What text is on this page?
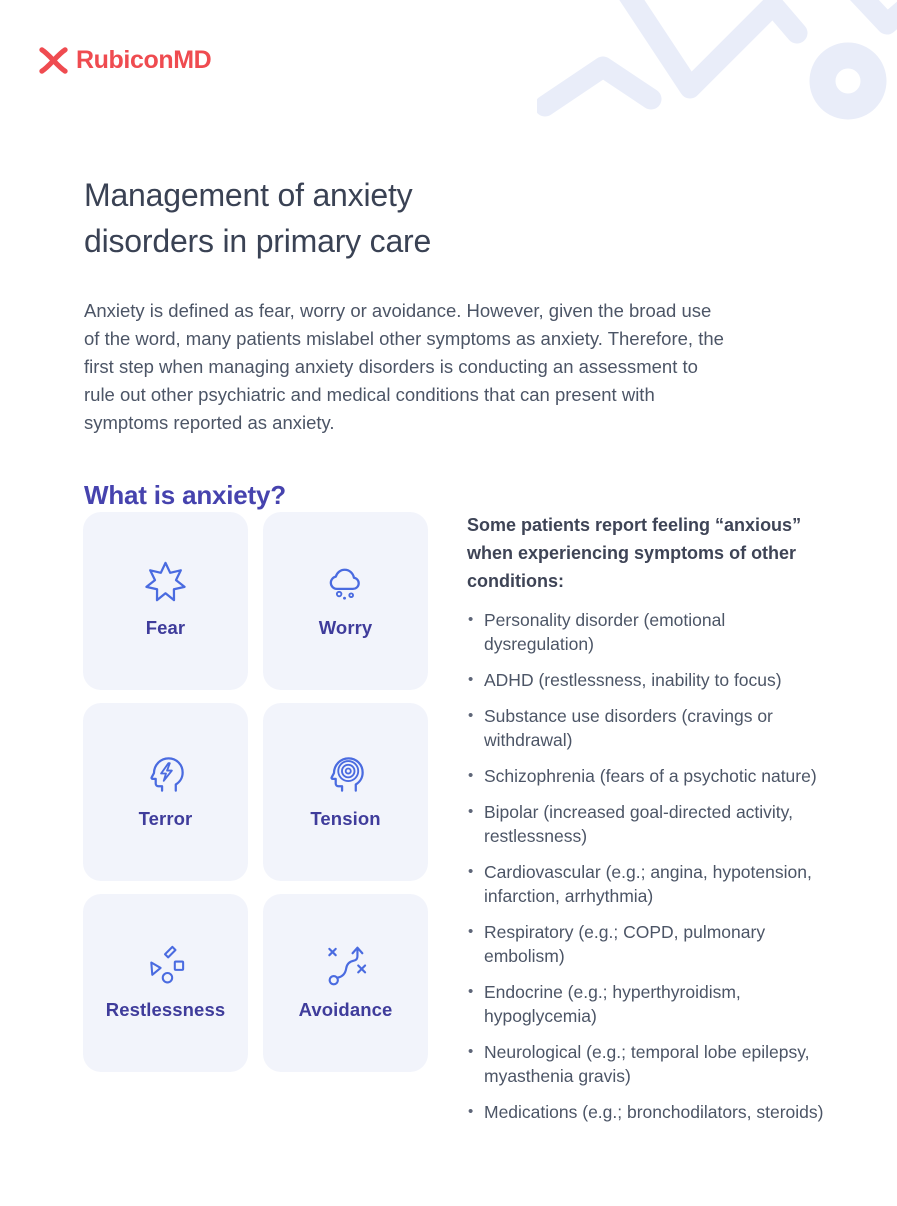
RubiconMD
Management of anxiety
disorders in primary care

Anxiety is defined as fear, worry or avoidance. However, given the broad use of the word, many patients mislabel other symptoms as anxiety. Therefore, the first step when managing anxiety disorders is conducting an assessment to rule out other psychiatric and medical conditions that can present with symptoms reported as anxiety.

What is anxiety?
Fear	Worry
Terror	Tension
Restlessness	Avoidance
Some patients report feeling “anxious” when experiencing symptoms of other conditions:
• Personality disorder (emotional dysregulation)
• ADHD (restlessness, inability to focus)
• Substance use disorders (cravings or withdrawal)
• Schizophrenia (fears of a psychotic nature)
• Bipolar (increased goal-directed activity, restlessness)
• Cardiovascular (e.g.; angina, hypotension, infarction, arrhythmia)
• Respiratory (e.g.; COPD, pulmonary embolism)
• Endocrine (e.g.; hyperthyroidism, hypoglycemia)
• Neurological (e.g.; temporal lobe epilepsy, myasthenia gravis)
• Medications (e.g.; bronchodilators, steroids)
